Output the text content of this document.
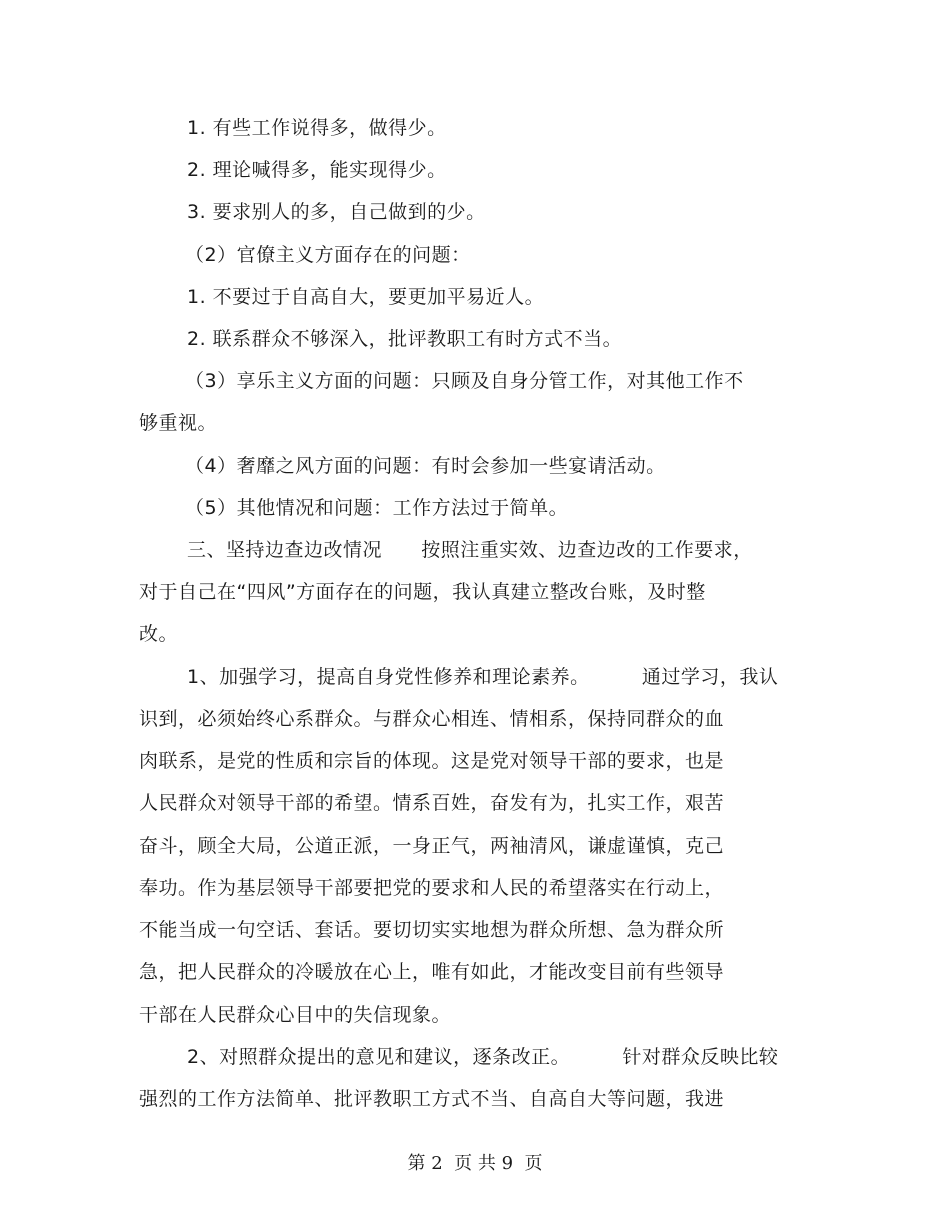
1. 有些工作说得多，做得少。
2. 理论喊得多，能实现得少。
3. 要求别人的多，自己做到的少。
（2）官僚主义方面存在的问题：
1. 不要过于自高自大，要更加平易近人。
2. 联系群众不够深入，批评教职工有时方式不当。
（3）享乐主义方面的问题：只顾及自身分管工作，对其他工作不
够重视。
（4）奢靡之风方面的问题：有时会参加一些宴请活动。
（5）其他情况和问题：工作方法过于简单。
三、坚持边查边改情况      按照注重实效、边查边改的工作要求，
对于自己在“四风”方面存在的问题，我认真建立整改台账，及时整
改。
1、加强学习，提高自身党性修养和理论素养。        通过学习，我认
识到，必须始终心系群众。与群众心相连、情相系，保持同群众的血
肉联系，是党的性质和宗旨的体现。这是党对领导干部的要求，也是
人民群众对领导干部的希望。情系百姓，奋发有为，扎实工作，艰苦
奋斗，顾全大局，公道正派，一身正气，两袖清风，谦虚谨慎，克己
奉功。作为基层领导干部要把党的要求和人民的希望落实在行动上，
不能当成一句空话、套话。要切切实实地想为群众所想、急为群众所
急，把人民群众的冷暖放在心上，唯有如此，才能改变目前有些领导
干部在人民群众心目中的失信现象。
2、对照群众提出的意见和建议，逐条改正。        针对群众反映比较
强烈的工作方法简单、批评教职工方式不当、自高自大等问题，我进
第 2  页 共 9  页
